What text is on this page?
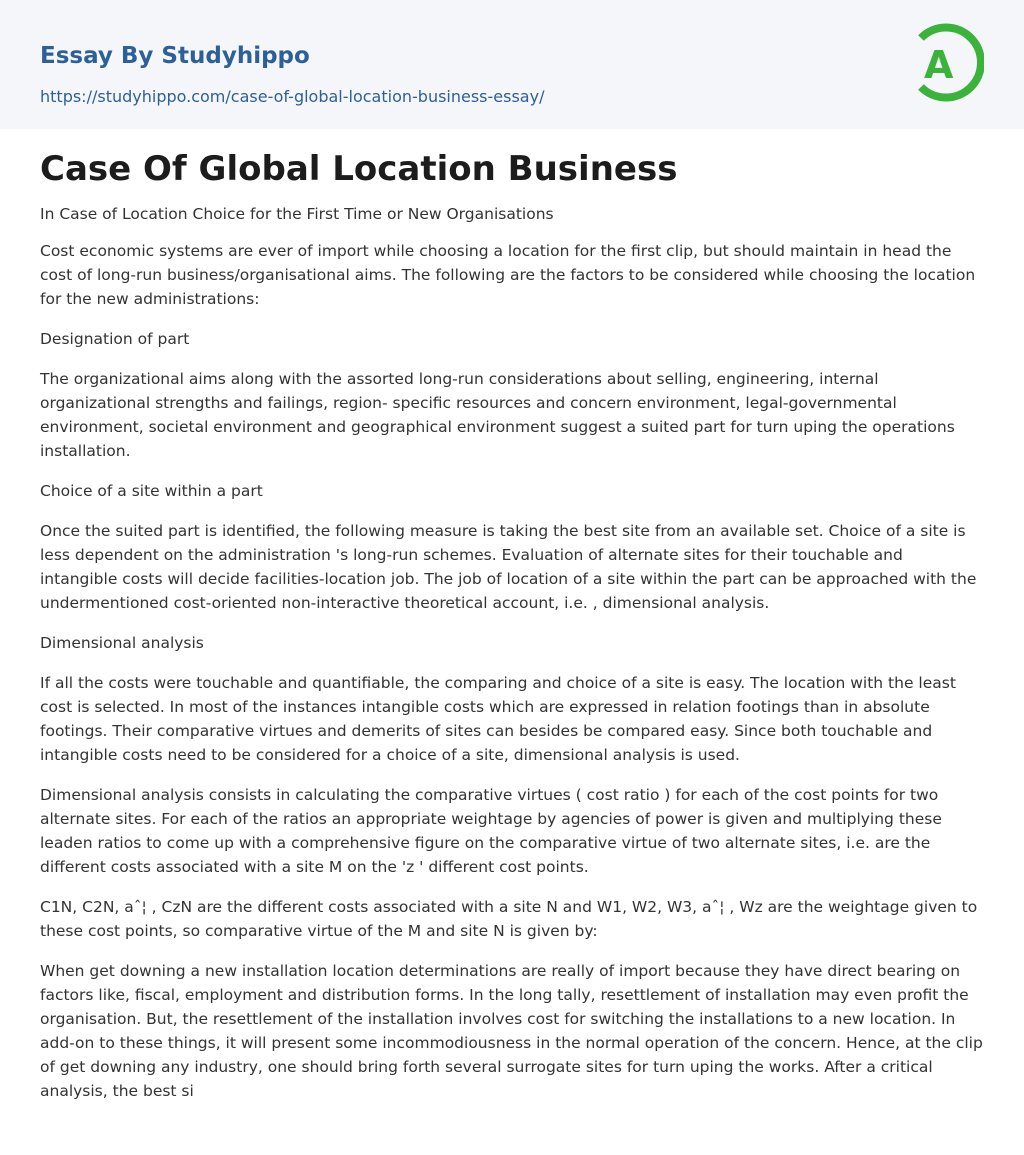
Essay By Studyhippo
https://studyhippo.com/case-of-global-location-business-essay/
A
Case Of Global Location Business

In Case of Location Choice for the First Time or New Organisations

Cost economic systems are ever of import while choosing a location for the first clip, but should maintain in head the cost of long-run business/organisational aims. The following are the factors to be considered while choosing the location for the new administrations:

Designation of part

The organizational aims along with the assorted long-run considerations about selling, engineering, internal organizational strengths and failings, region- specific resources and concern environment, legal-governmental environment, societal environment and geographical environment suggest a suited part for turn uping the operations installation.

Choice of a site within a part

Once the suited part is identified, the following measure is taking the best site from an available set. Choice of a site is less dependent on the administration 's long-run schemes. Evaluation of alternate sites for their touchable and intangible costs will decide facilities-location job. The job of location of a site within the part can be approached with the undermentioned cost-oriented non-interactive theoretical account, i.e. , dimensional analysis.

Dimensional analysis

If all the costs were touchable and quantifiable, the comparing and choice of a site is easy. The location with the least cost is selected. In most of the instances intangible costs which are expressed in relation footings than in absolute footings. Their comparative virtues and demerits of sites can besides be compared easy. Since both touchable and intangible costs need to be considered for a choice of a site, dimensional analysis is used.

Dimensional analysis consists in calculating the comparative virtues ( cost ratio ) for each of the cost points for two alternate sites. For each of the ratios an appropriate weightage by agencies of power is given and multiplying these leaden ratios to come up with a comprehensive figure on the comparative virtue of two alternate sites, i.e. are the different costs associated with a site M on the 'z ' different cost points.

C1N, C2N, aˆ¦ , CzN are the different costs associated with a site N and W1, W2, W3, aˆ¦ , Wz are the weightage given to these cost points, so comparative virtue of the M and site N is given by:

When get downing a new installation location determinations are really of import because they have direct bearing on factors like, fiscal, employment and distribution forms. In the long tally, resettlement of installation may even profit the organisation. But, the resettlement of the installation involves cost for switching the installations to a new location. In add-on to these things, it will present some incommodiousness in the normal operation of the concern. Hence, at the clip of get downing any industry, one should bring forth several surrogate sites for turn uping the works. After a critical analysis, the best si
